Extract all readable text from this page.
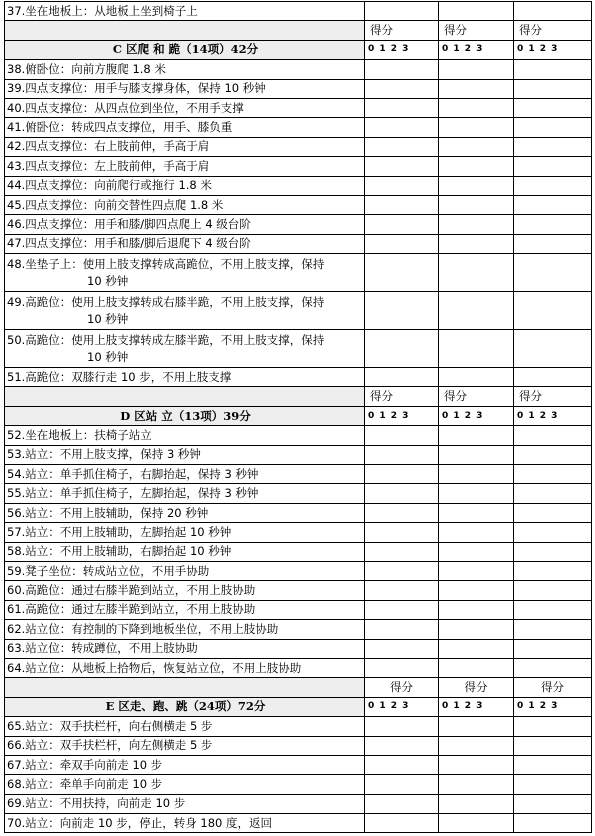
37.坐在地板上：从地板上坐到椅子上			
	得分	得分	得分
C 区爬 和 跪（14项）42分	0 1 2 3	0 1 2 3	0 1 2 3
38.俯卧位：向前方腹爬 1.8 米			
39.四点支撑位：用手与膝支撑身体，保持 10 秒钟			
40.四点支撑位：从四点位到坐位，不用手支撑			
41.俯卧位：转成四点支撑位，用手、膝负重			
42.四点支撑位：右上肢前伸，手高于肩			
43.四点支撑位：左上肢前伸，手高于肩			
44.四点支撑位：向前爬行或拖行 1.8 米			
45.四点支撑位：向前交替性四点爬 1.8 米			
46.四点支撑位：用手和膝/脚四点爬上 4 级台阶			
47.四点支撑位：用手和膝/脚后退爬下 4 级台阶			
48.坐垫子上：使用上肢支撑转成高跪位，不用上肢支撑，保持
10 秒钟			

49.高跪位：使用上肢支撑转成右膝半跪，不用上肢支撑，保持
10 秒钟			

50.高跪位：使用上肢支撑转成左膝半跪，不用上肢支撑，保持
10 秒钟			

51.高跪位：双膝行走 10 步，不用上肢支撑			
	得分	得分	得分
D 区站 立（13项）39分	0 1 2 3	0 1 2 3	0 1 2 3
52.坐在地板上：扶椅子站立			
53.站立：不用上肢支撑，保持 3 秒钟			
54.站立：单手抓住椅子，右脚抬起，保持 3 秒钟			
55.站立：单手抓住椅子，左脚抬起，保持 3 秒钟			
56.站立：不用上肢辅助，保持 20 秒钟			
57.站立：不用上肢辅助，左脚抬起 10 秒钟			
58.站立：不用上肢辅助，右脚抬起 10 秒钟			
59.凳子坐位：转成站立位，不用手协助			
60.高跪位：通过右膝半跪到站立，不用上肢协助			
61.高跪位：通过左膝半跪到站立，不用上肢协助			
62.站立位：有控制的下降到地板坐位，不用上肢协助			
63.站立位：转成蹲位，不用上肢协助			
64.站立位：从地板上拾物后，恢复站立位，不用上肢协助			
	得分	得分	得分
E 区走、跑、跳（24项）72分	0 1 2 3	0 1 2 3	0 1 2 3
65.站立：双手扶栏杆，向右侧横走 5 步			
66.站立：双手扶栏杆，向左侧横走 5 步			
67.站立：牵双手向前走 10 步			
68.站立：牵单手向前走 10 步			
69.站立：不用扶持，向前走 10 步			
70.站立：向前走 10 步，停止，转身 180 度，返回			
